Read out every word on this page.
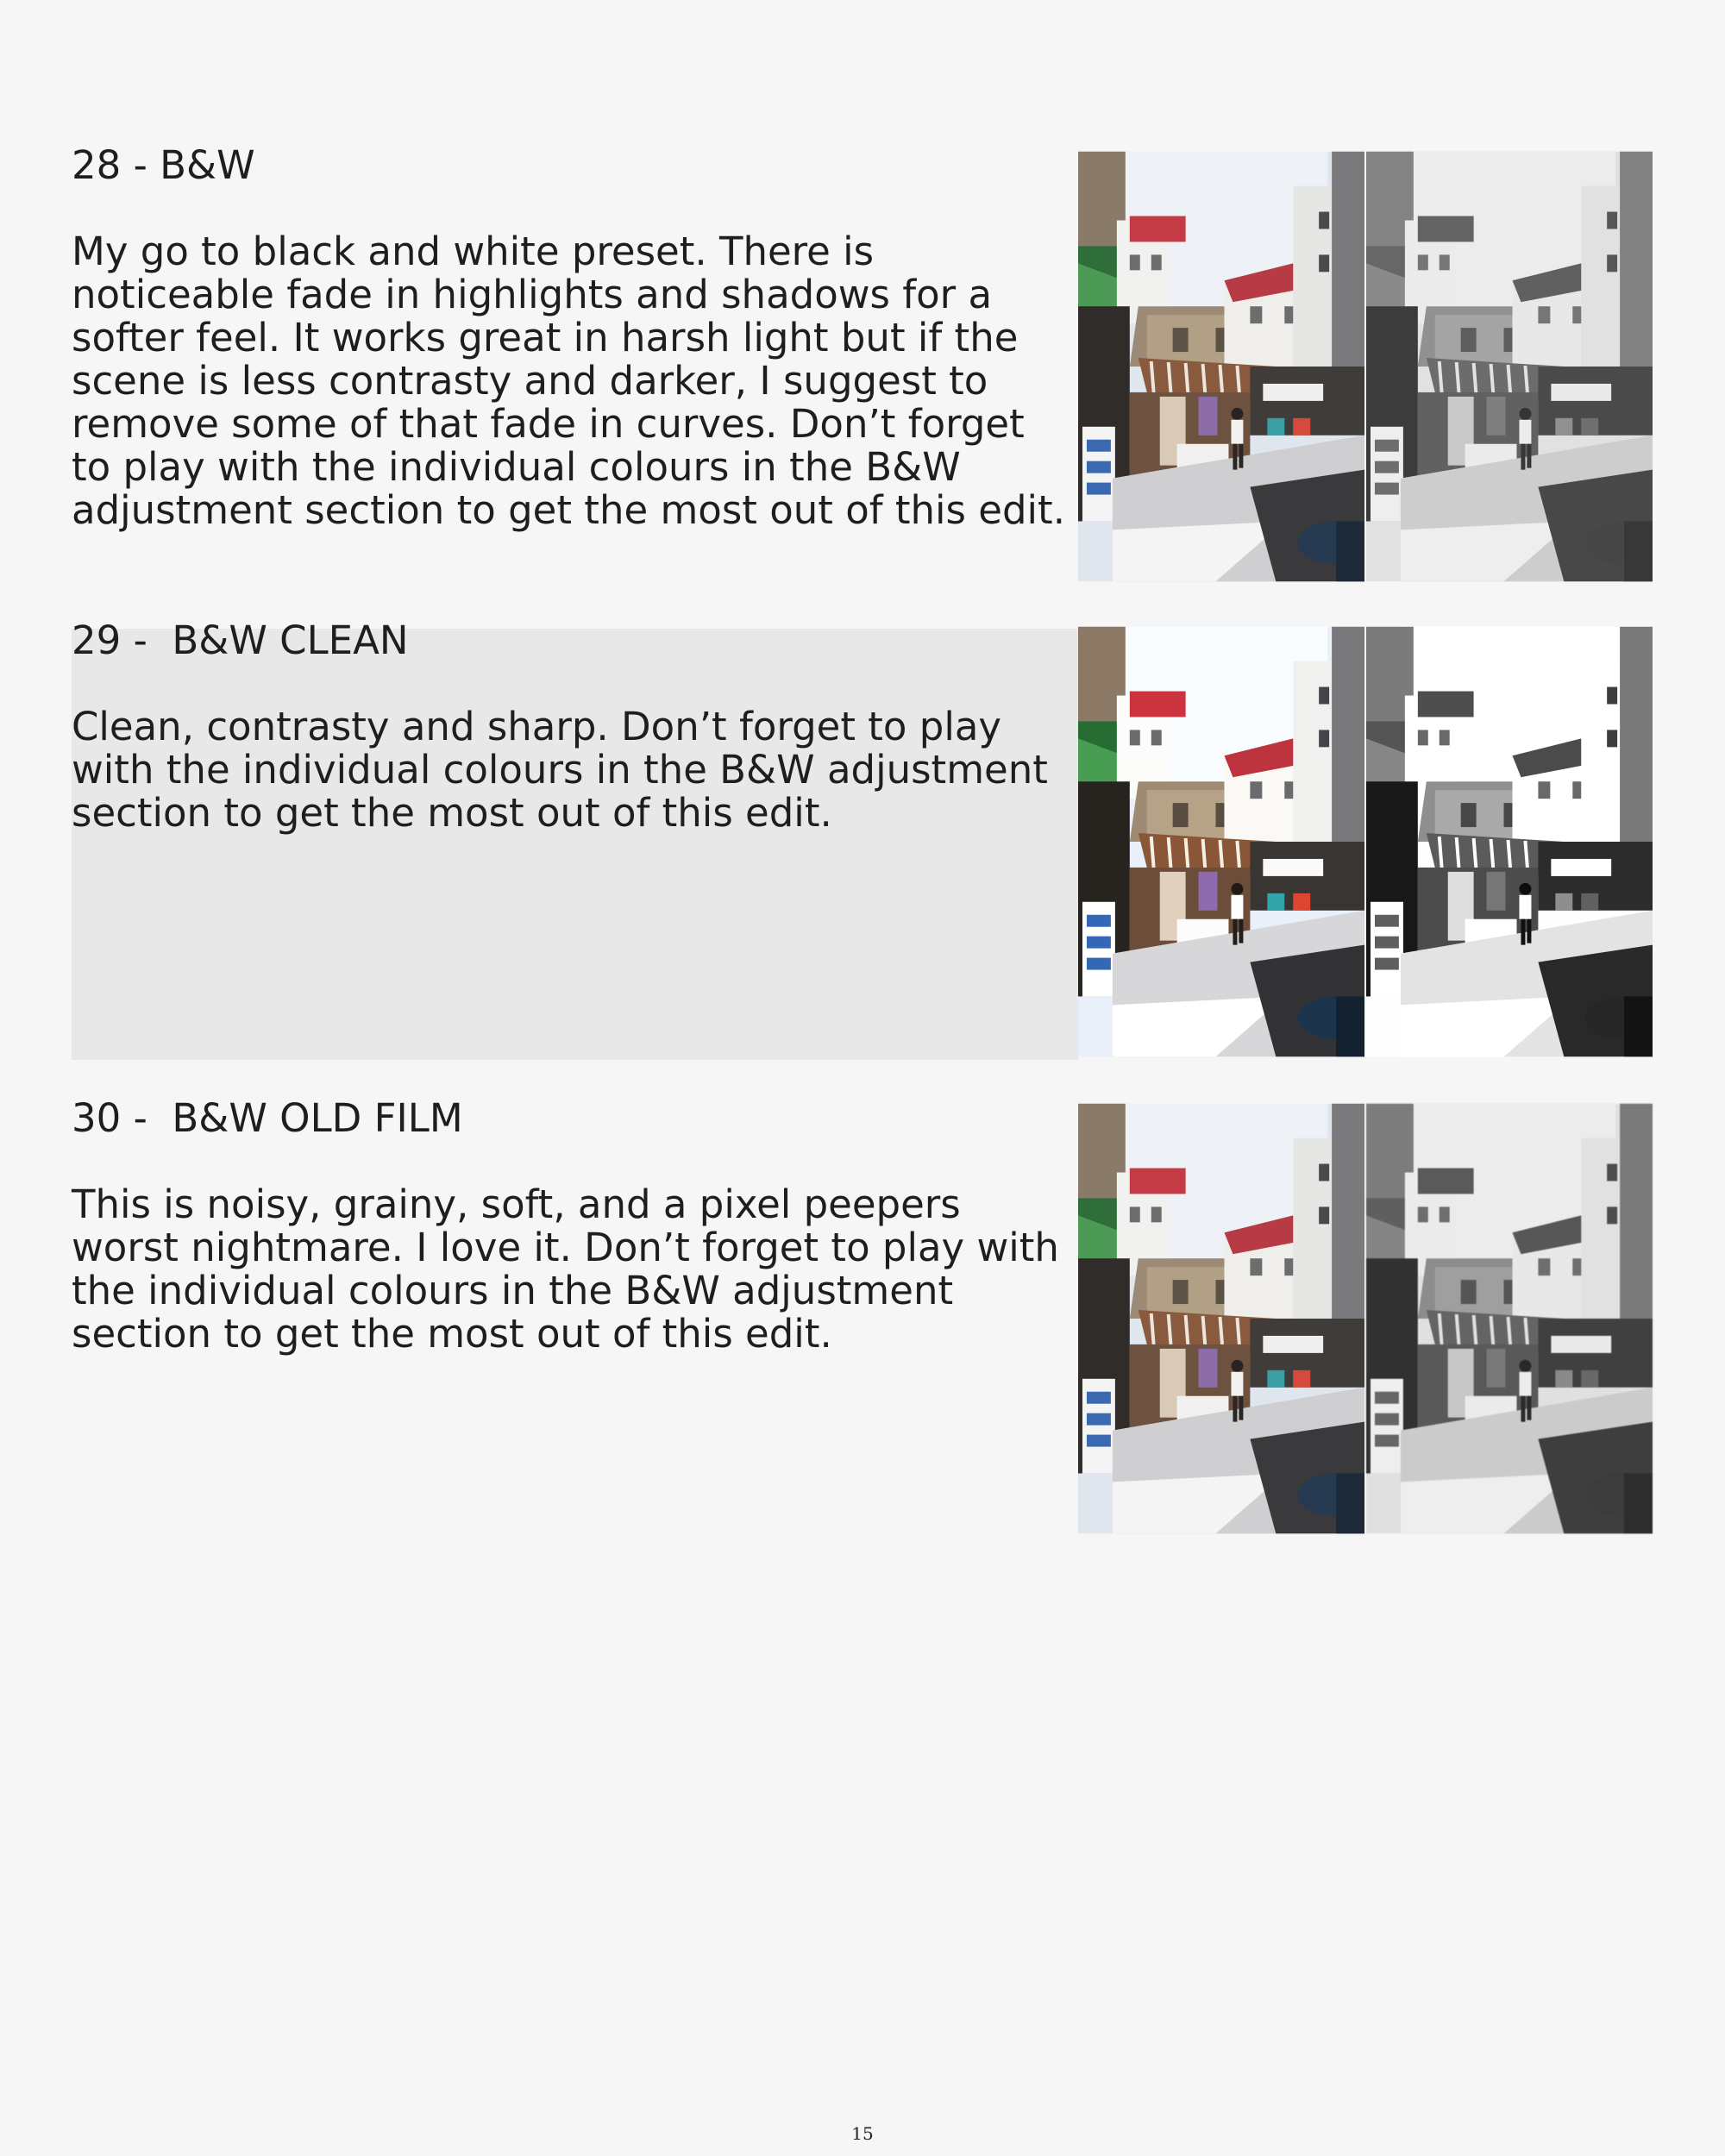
28 - B&W

My go to black and white preset. There is noticeable fade in highlights and shadows for a softer feel. It works great in harsh light but if the scene is less contrasty and darker, I suggest to remove some of that fade in curves. Don’t forget to play with the individual colours in the B&W adjustment section to get the most out of this edit.

29 -  B&W CLEAN

Clean, contrasty and sharp. Don’t forget to play with the individual colours in the B&W adjustment section to get the most out of this edit.

30 -  B&W OLD FILM

This is noisy, grainy, soft, and a pixel peepers worst nightmare. I love it. Don’t forget to play with the individual colours in the B&W adjustment section to get the most out of this edit.

15
